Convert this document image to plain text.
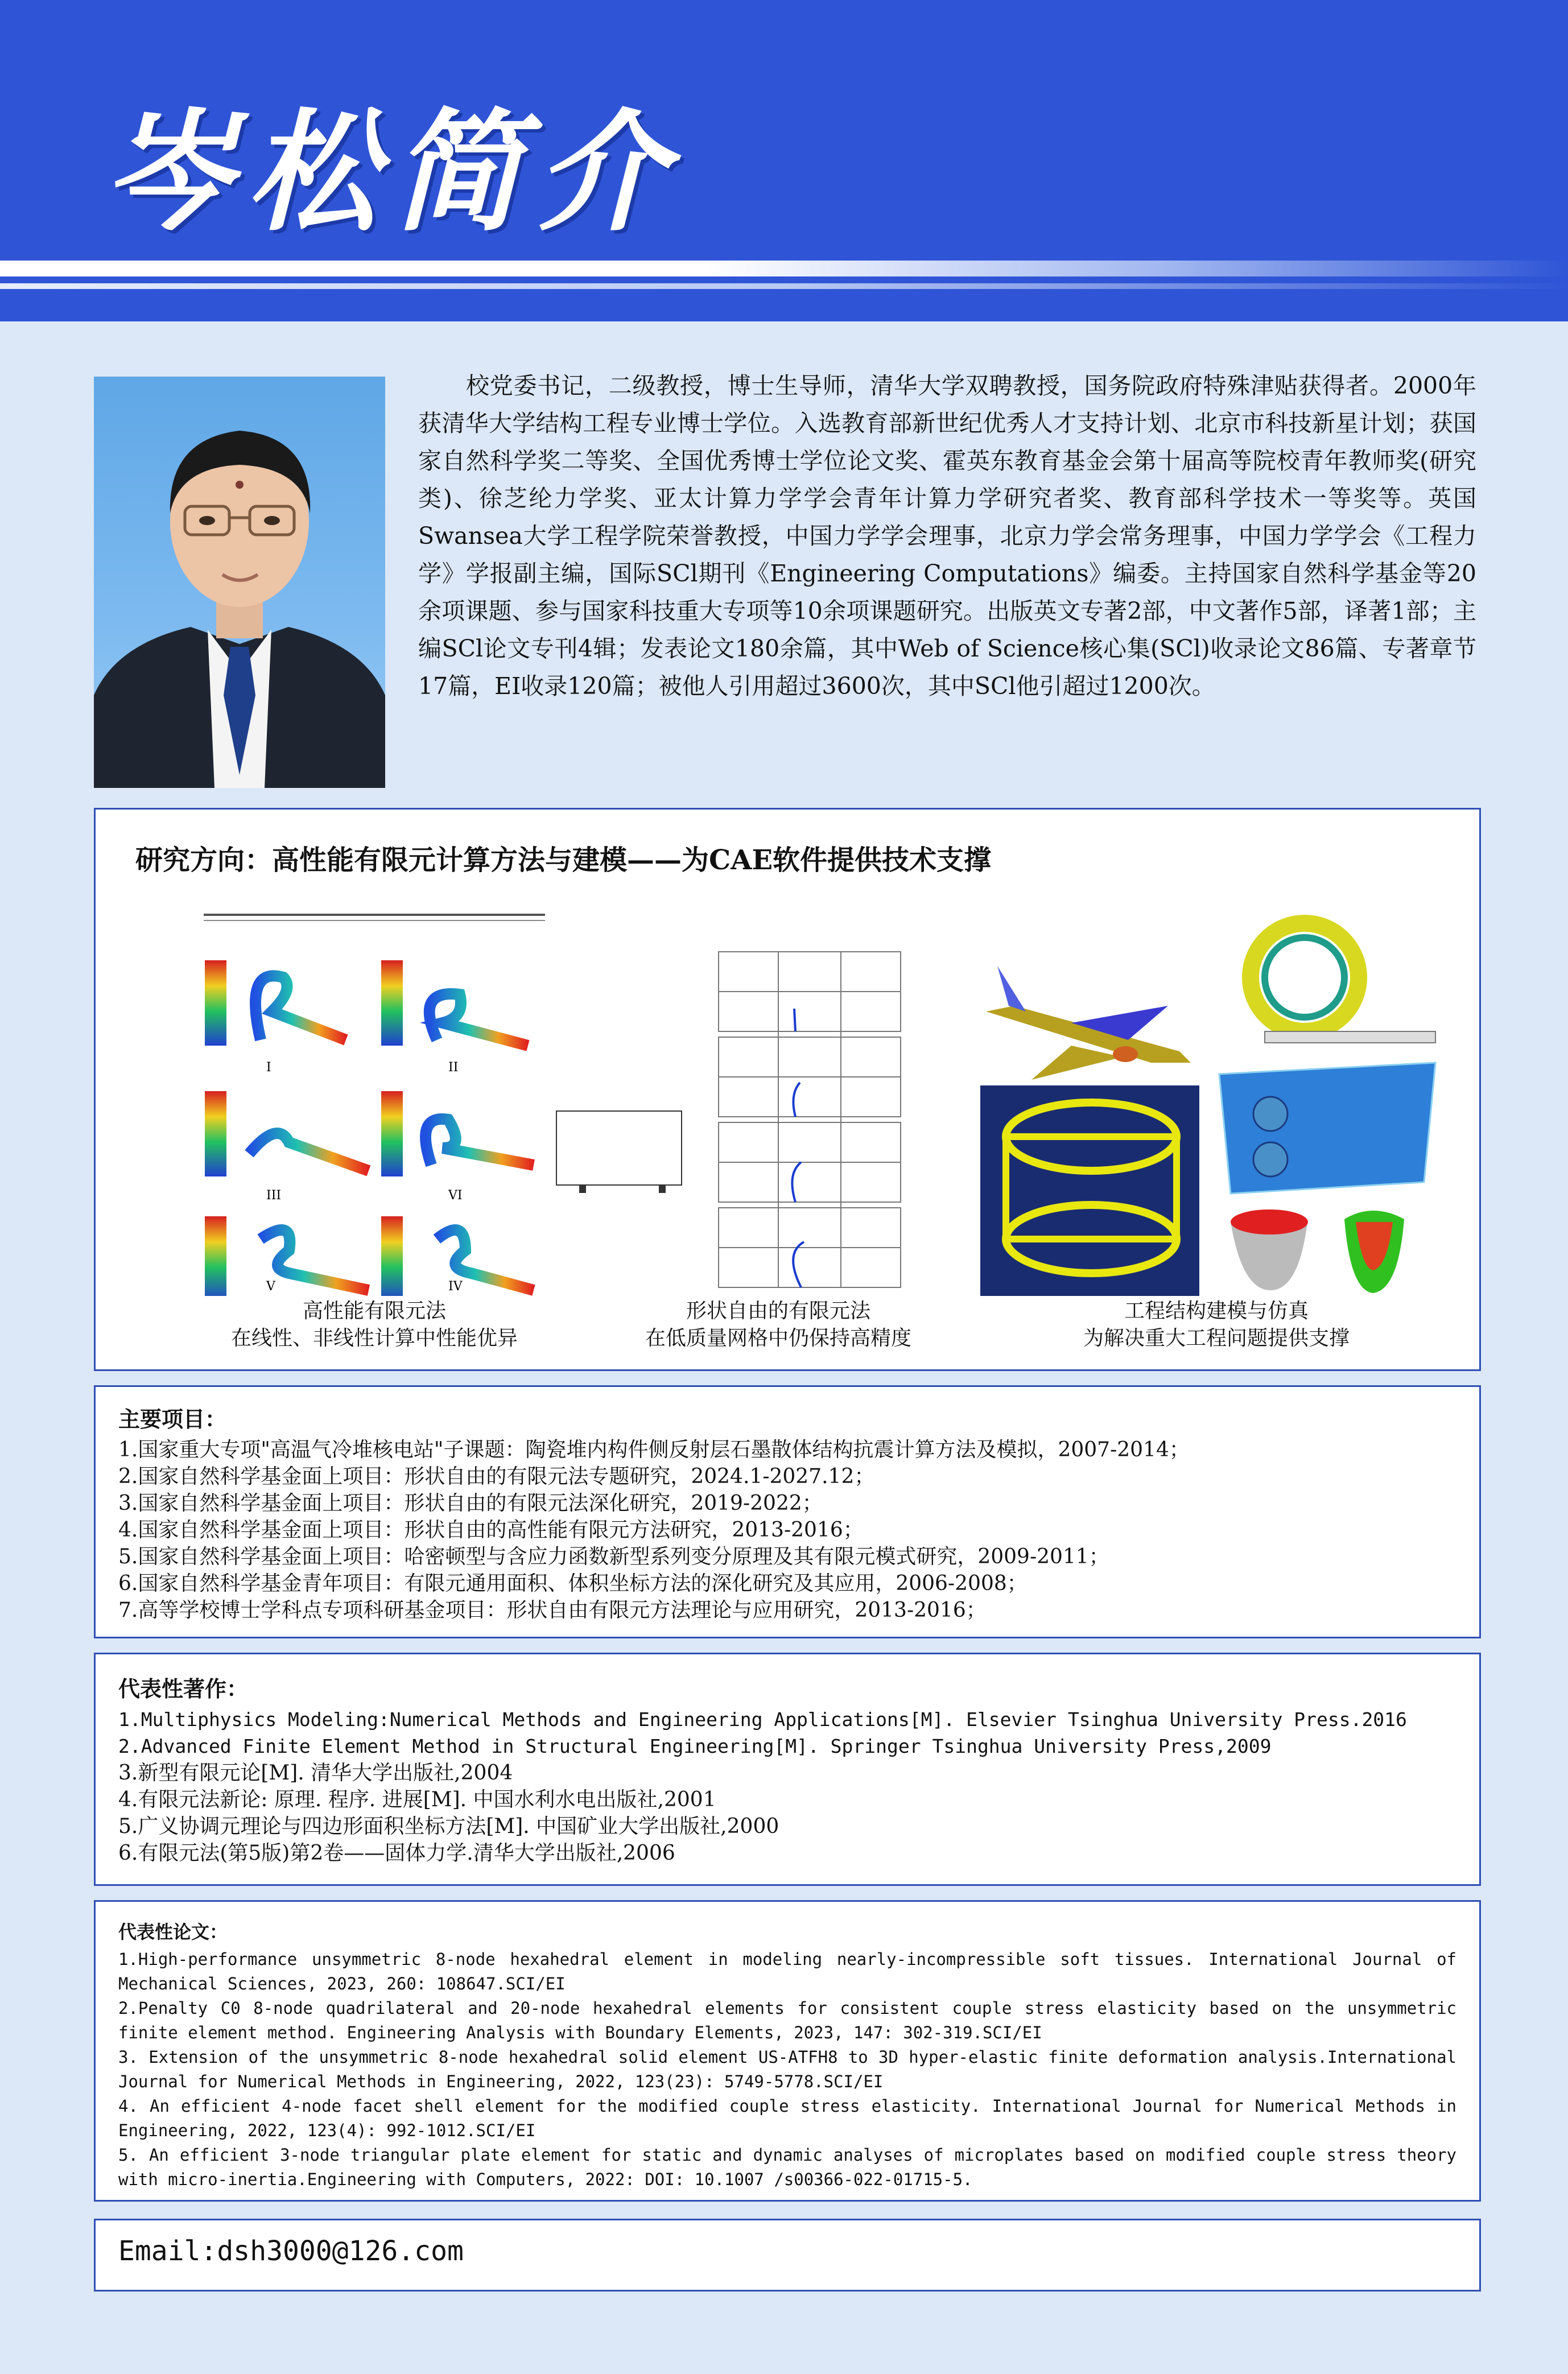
岑松简介
校党委书记，二级教授，博士生导师，清华大学双聘教授，国务院政府特殊津贴获得者。2000年获清华大学结构工程专业博士学位。入选教育部新世纪优秀人才支持计划、北京市科技新星计划；获国家自然科学奖二等奖、全国优秀博士学位论文奖、霍英东教育基金会第十届高等院校青年教师奖(研究类)、徐芝纶力学奖、亚太计算力学学会青年计算力学研究者奖、教育部科学技术一等奖等。英国Swansea大学工程学院荣誉教授，中国力学学会理事，北京力学会常务理事，中国力学学会《工程力学》学报副主编，国际SCl期刊《Engineering Computations》编委。主持国家自然科学基金等20余项课题、参与国家科技重大专项等10余项课题研究。出版英文专著2部，中文著作5部，译著1部；主编SCl论文专刊4辑；发表论文180余篇，其中Web of Science核心集(SCl)收录论文86篇、专著章节17篇，EI收录120篇；被他人引用超过3600次，其中SCl他引超过1200次。
研究方向：高性能有限元计算方法与建模——为CAE软件提供技术支撑
I	II
III	VI
V	IV
高性能有限元法
在线性、非线性计算中性能优异
形状自由的有限元法
在低质量网格中仍保持高精度
工程结构建模与仿真
为解决重大工程问题提供支撑
主要项目：
1.国家重大专项"高温气冷堆核电站"子课题：陶瓷堆内构件侧反射层石墨散体结构抗震计算方法及模拟，2007-2014；
2.国家自然科学基金面上项目：形状自由的有限元法专题研究，2024.1-2027.12；
3.国家自然科学基金面上项目：形状自由的有限元法深化研究，2019-2022；
4.国家自然科学基金面上项目：形状自由的高性能有限元方法研究，2013-2016；
5.国家自然科学基金面上项目：哈密顿型与含应力函数新型系列变分原理及其有限元模式研究，2009-2011；
6.国家自然科学基金青年项目：有限元通用面积、体积坐标方法的深化研究及其应用，2006-2008；
7.高等学校博士学科点专项科研基金项目：形状自由有限元方法理论与应用研究，2013-2016；
代表性著作：
1.Multiphysics Modeling:Numerical Methods and Engineering Applications[M]. Elsevier Tsinghua University Press.2016
2.Advanced Finite Element Method in Structural Engineering[M]. Springer Tsinghua University Press,2009
3.新型有限元论[M]. 清华大学出版社,2004
4.有限元法新论: 原理. 程序. 进展[M]. 中国水利水电出版社,2001
5.广义协调元理论与四边形面积坐标方法[M]. 中国矿业大学出版社,2000
6.有限元法(第5版)第2卷——固体力学.清华大学出版社,2006
代表性论文：
1.High-performance unsymmetric 8-node hexahedral element in modeling nearly-incompressible soft tissues. International Journal of Mechanical Sciences, 2023, 260: 108647.SCI/EI
2.Penalty C0 8-node quadrilateral and 20-node hexahedral elements for consistent couple stress elasticity based on the unsymmetric finite element method. Engineering Analysis with Boundary Elements, 2023, 147: 302-319.SCI/EI
3. Extension of the unsymmetric 8-node hexahedral solid element US-ATFH8 to 3D hyper-elastic finite deformation analysis.International Journal for Numerical Methods in Engineering, 2022, 123(23): 5749-5778.SCI/EI
4. An efficient 4-node facet shell element for the modified couple stress elasticity. International Journal for Numerical Methods in Engineering, 2022, 123(4): 992-1012.SCI/EI
5. An efficient 3-node triangular plate element for static and dynamic analyses of microplates based on modified couple stress theory with micro-inertia.Engineering with Computers, 2022: DOI: 10.1007 /s00366-022-01715-5.
Email:dsh3000@126.com
